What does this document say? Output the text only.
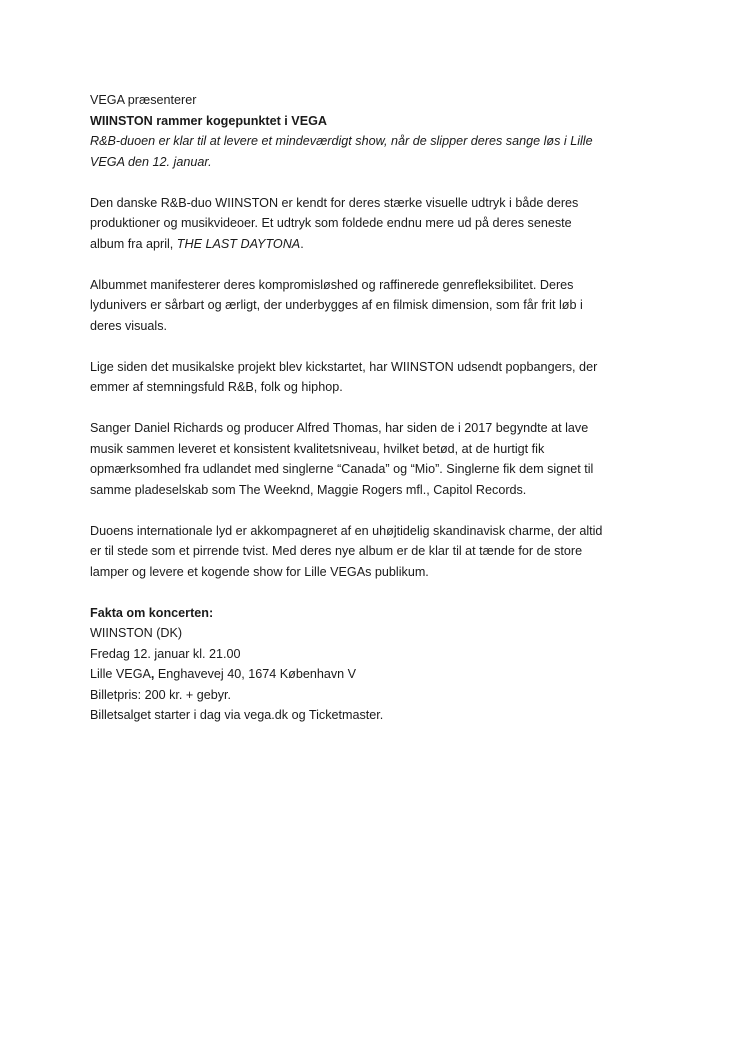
VEGA præsenterer
WIINSTON rammer kogepunktet i VEGA
R&B-duoen er klar til at levere et mindeværdigt show, når de slipper deres sange løs i Lille
VEGA den 12. januar.
Den danske R&B-duo WIINSTON er kendt for deres stærke visuelle udtryk i både deres
produktioner og musikvideoer. Et udtryk som foldede endnu mere ud på deres seneste
album fra april, THE LAST DAYTONA.
Albummet manifesterer deres kompromisløshed og raffinerede genrefleksibilitet. Deres
lydunivers er sårbart og ærligt, der underbygges af en filmisk dimension, som får frit løb i
deres visuals.
Lige siden det musikalske projekt blev kickstartet, har WIINSTON udsendt popbangers, der
emmer af stemningsfuld R&B, folk og hiphop.
Sanger Daniel Richards og producer Alfred Thomas, har siden de i 2017 begyndte at lave
musik sammen leveret et konsistent kvalitetsniveau, hvilket betød, at de hurtigt fik
opmærksomhed fra udlandet med singlerne “Canada” og “Mio”. Singlerne fik dem signet til
samme pladeselskab som The Weeknd, Maggie Rogers mfl., Capitol Records.
Duoens internationale lyd er akkompagneret af en uhøjtidelig skandinavisk charme, der altid
er til stede som et pirrende tvist. Med deres nye album er de klar til at tænde for de store
lamper og levere et kogende show for Lille VEGAs publikum.
Fakta om koncerten:
WIINSTON (DK)
Fredag 12. januar kl. 21.00
Lille VEGA, Enghavevej 40, 1674 København V
Billetpris: 200 kr. + gebyr.
Billetsalget starter i dag via vega.dk og Ticketmaster.
